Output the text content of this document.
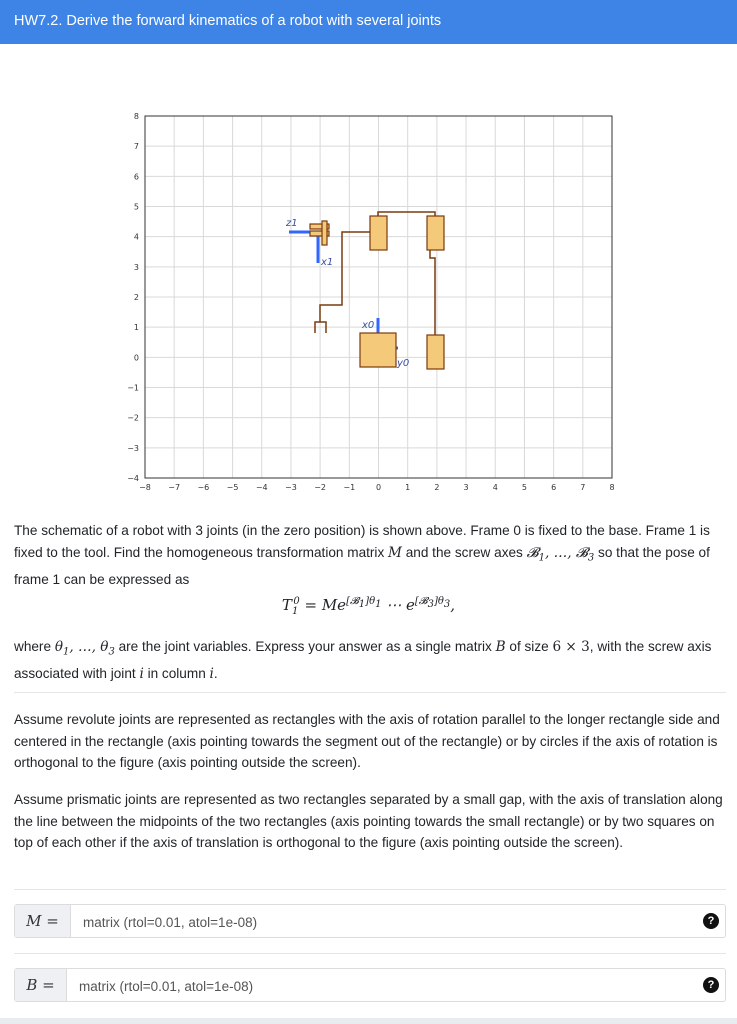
HW7.2. Derive the forward kinematics of a robot with several joints
−8 −7 −6 −5 −4 −3 −2 −1	0	1	2	3	4	5	6	7	8
8
7
6
5
4
3
2
1
0
−1
−2
−3
−4
z1
x1
x0
y0
The schematic of a robot with 3 joints (in the zero position) is shown above. Frame 0 is fixed to the base. Frame 1 is fixed to the tool. Find the homogeneous transformation matrix M and the screw axes 𝓑$_1$, …, 𝓑$_3$ so that the pose of frame 1 can be expressed as
$T_1^0 = Me^{[𝓑_1]\theta_1}$ ⋯ $e^{[𝓑_3]\theta_3}$,
where $\theta_1$, …, $\theta_3$ are the joint variables. Express your answer as a single matrix B of size 6 × 3, with the screw axis associated with joint i in column i.
Assume revolute joints are represented as rectangles with the axis of rotation parallel to the longer rectangle side and centered in the rectangle (axis pointing towards the segment out of the rectangle) or by circles if the axis of rotation is orthogonal to the figure (axis pointing outside the screen).
Assume prismatic joints are represented as two rectangles separated by a small gap, with the axis of translation along the line between the midpoints of the two rectangles (axis pointing towards the small rectangle) or by two squares on top of each other if the axis of translation is orthogonal to the figure (axis pointing outside the screen).
M =
matrix (rtol=0.01, atol=1e-08)	?
B =
matrix (rtol=0.01, atol=1e-08)	?
